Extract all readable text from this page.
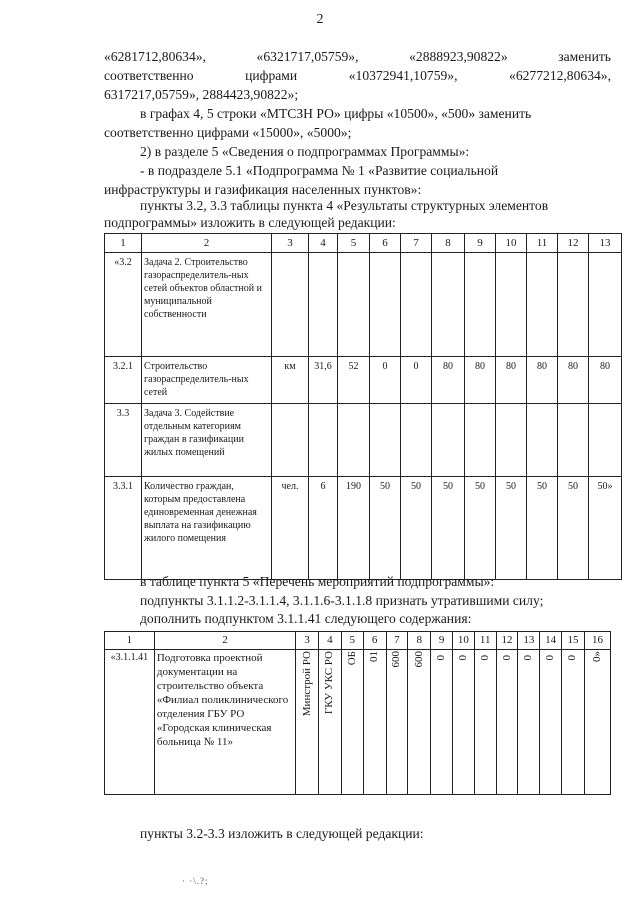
2
«6281712,80634»,	«6321717,05759»,	«2888923,90822»	заменить
соответственно	цифрами	«10372941,10759»,	«6277212,80634»,
6317217,05759», 2884423,90822»;
в графах 4, 5 строки «МТСЗН РО» цифры «10500», «500» заменить
соответственно цифрами «15000», «5000»;
2) в разделе 5 «Сведения о подпрограммах Программы»:
- в подразделе 5.1 «Подпрограмма № 1 «Развитие социальной
инфраструктуры и газификация населенных пунктов»:
пункты 3.2, 3.3 таблицы пункта 4 «Результаты структурных элементов
подпрограммы» изложить в следующей редакции:
1	2	3	4	5	6	7	8	9	10	11	12	13
«3.2	Задача 2. Строительство газораспределитель-ных сетей объектов областной и муниципальной собственности											
3.2.1	Строительство газораспределитель-ных сетей	км	31,6	52	0	0	80	80	80	80	80	80
3.3	Задача 3. Содействие отдельным категориям граждан в газификации жилых помещений											
3.3.1	Количество граждан, которым предоставлена единовременная денежная выплата на газификацию жилого помещения	чел.	6	190	50	50	50	50	50	50	50	50»
в таблице пункта 5 «Перечень мероприятий подпрограммы»:
подпункты 3.1.1.2-3.1.1.4, 3.1.1.6-3.1.1.8 признать утратившими силу;
дополнить подпунктом 3.1.1.41 следующего содержания:
1	2	3	4	5	6	7	8	9	10	11	12	13	14	15	16
«3.1.1.41	Подготовка проектной документации на строительство объекта «Филиал поликлинического отделения ГБУ РО «Городская клиническая больница № 11»	Минстрой РО	ГКУ УКС РО	ОБ	01	600	600	0	0	0	0	0	0	0	0»
пункты 3.2-3.3 изложить в следующей редакции:
· ·\.?;
